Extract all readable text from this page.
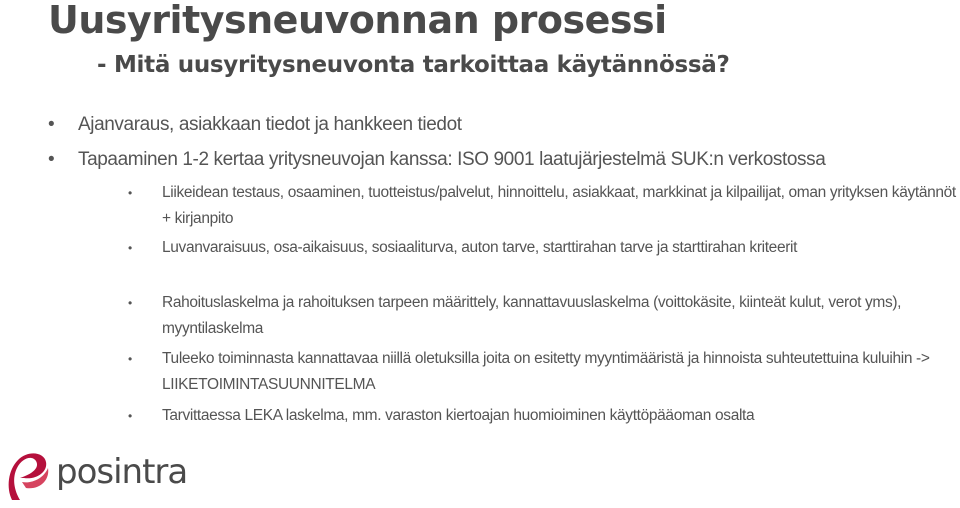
Uusyritysneuvonnan prosessi
- Mitä uusyritysneuvonta tarkoittaa käytännössä?
• Ajanvaraus, asiakkaan tiedot ja hankkeen tiedot
• Tapaaminen 1-2 kertaa yritysneuvojan kanssa: ISO 9001 laatujärjestelmä SUK:n verkostossa
• Liikeidean testaus, osaaminen, tuotteistus/palvelut, hinnoittelu, asiakkaat, markkinat ja kilpailijat, oman yrityksen käytännöt + kirjanpito
• Luvanvaraisuus, osa-aikaisuus, sosiaaliturva, auton tarve, starttirahan tarve ja starttirahan kriteerit
• Rahoituslaskelma ja rahoituksen tarpeen määrittely, kannattavuuslaskelma (voittokäsite, kiinteät kulut, verot yms), myyntilaskelma
• Tuleeko toiminnasta kannattavaa niillä oletuksilla joita on esitetty myyntimääristä ja hinnoista suhteutettuina kuluihin -> LIIKETOIMINTASUUNNITELMA
• Tarvittaessa LEKA laskelma, mm. varaston kiertoajan huomioiminen käyttöpääoman osalta
posintra
